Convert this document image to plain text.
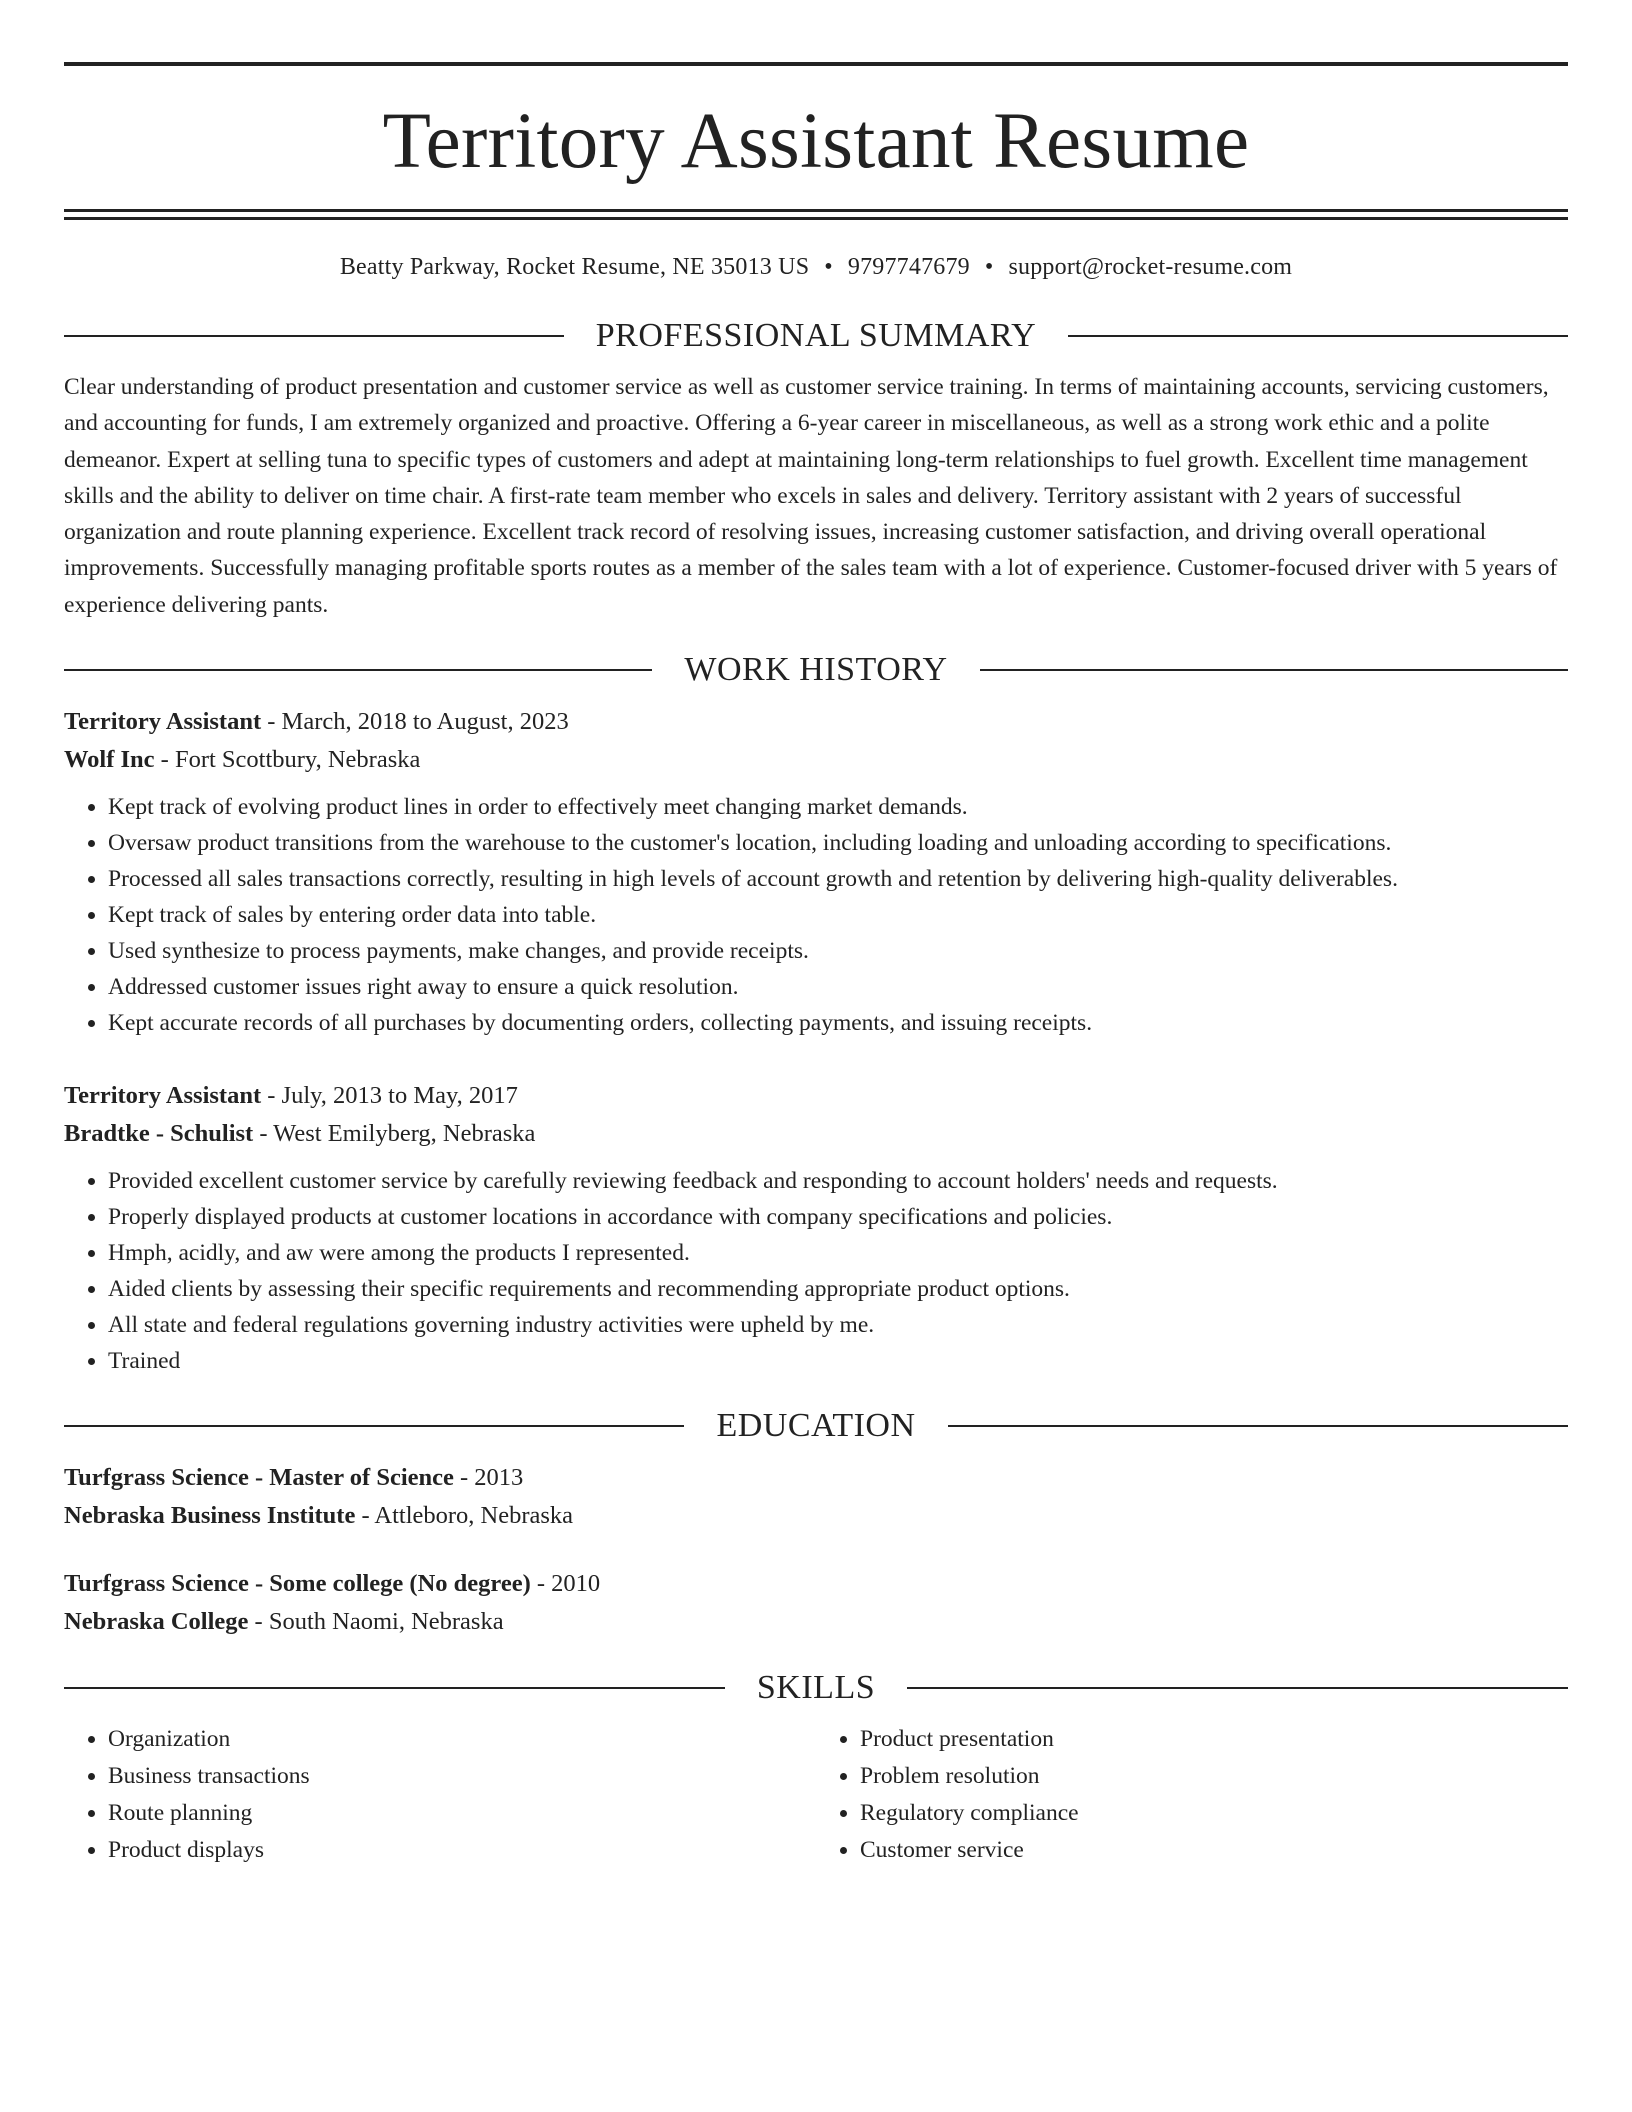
Territory Assistant Resume
Beatty Parkway, Rocket Resume, NE 35013 US • 9797747679 • support@rocket-resume.com
PROFESSIONAL SUMMARY

Clear understanding of product presentation and customer service as well as customer service training. In terms of maintaining accounts, servicing customers, and accounting for funds, I am extremely organized and proactive. Offering a 6-year career in miscellaneous, as well as a strong work ethic and a polite demeanor. Expert at selling tuna to specific types of customers and adept at maintaining long-term relationships to fuel growth. Excellent time management skills and the ability to deliver on time chair. A first-rate team member who excels in sales and delivery. Territory assistant with 2 years of successful organization and route planning experience. Excellent track record of resolving issues, increasing customer satisfaction, and driving overall operational improvements. Successfully managing profitable sports routes as a member of the sales team with a lot of experience. Customer-focused driver with 5 years of experience delivering pants.

WORK HISTORY
Territory Assistant - March, 2018 to August, 2023
Wolf Inc - Fort Scottbury, Nebraska
• Kept track of evolving product lines in order to effectively meet changing market demands.
• Oversaw product transitions from the warehouse to the customer's location, including loading and unloading according to specifications.
• Processed all sales transactions correctly, resulting in high levels of account growth and retention by delivering high-quality deliverables.
• Kept track of sales by entering order data into table.
• Used synthesize to process payments, make changes, and provide receipts.
• Addressed customer issues right away to ensure a quick resolution.
• Kept accurate records of all purchases by documenting orders, collecting payments, and issuing receipts.
Territory Assistant - July, 2013 to May, 2017
Bradtke - Schulist - West Emilyberg, Nebraska
• Provided excellent customer service by carefully reviewing feedback and responding to account holders' needs and requests.
• Properly displayed products at customer locations in accordance with company specifications and policies.
• Hmph, acidly, and aw were among the products I represented.
• Aided clients by assessing their specific requirements and recommending appropriate product options.
• All state and federal regulations governing industry activities were upheld by me.
• Trained
EDUCATION
Turfgrass Science - Master of Science - 2013
Nebraska Business Institute - Attleboro, Nebraska
Turfgrass Science - Some college (No degree) - 2010
Nebraska College - South Naomi, Nebraska
SKILLS
• Organization
• Business transactions
• Route planning
• Product displays
• Product presentation
• Problem resolution
• Regulatory compliance
• Customer service
